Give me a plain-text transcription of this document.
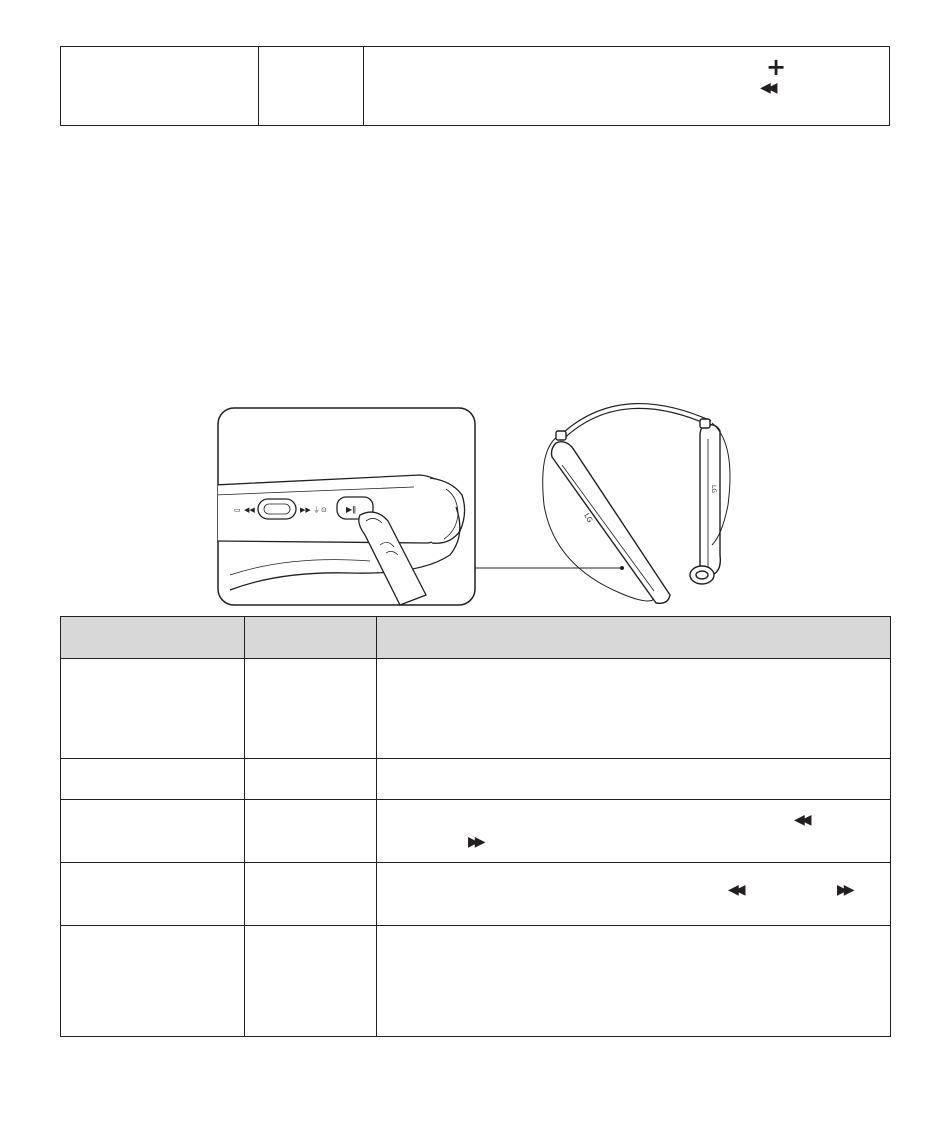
+
◀◀
▭ ◀◀	▶▶ ⏚ ⊙ ▶ǁ
LG
LG
◀◀
▶▶
◀◀	▶▶
